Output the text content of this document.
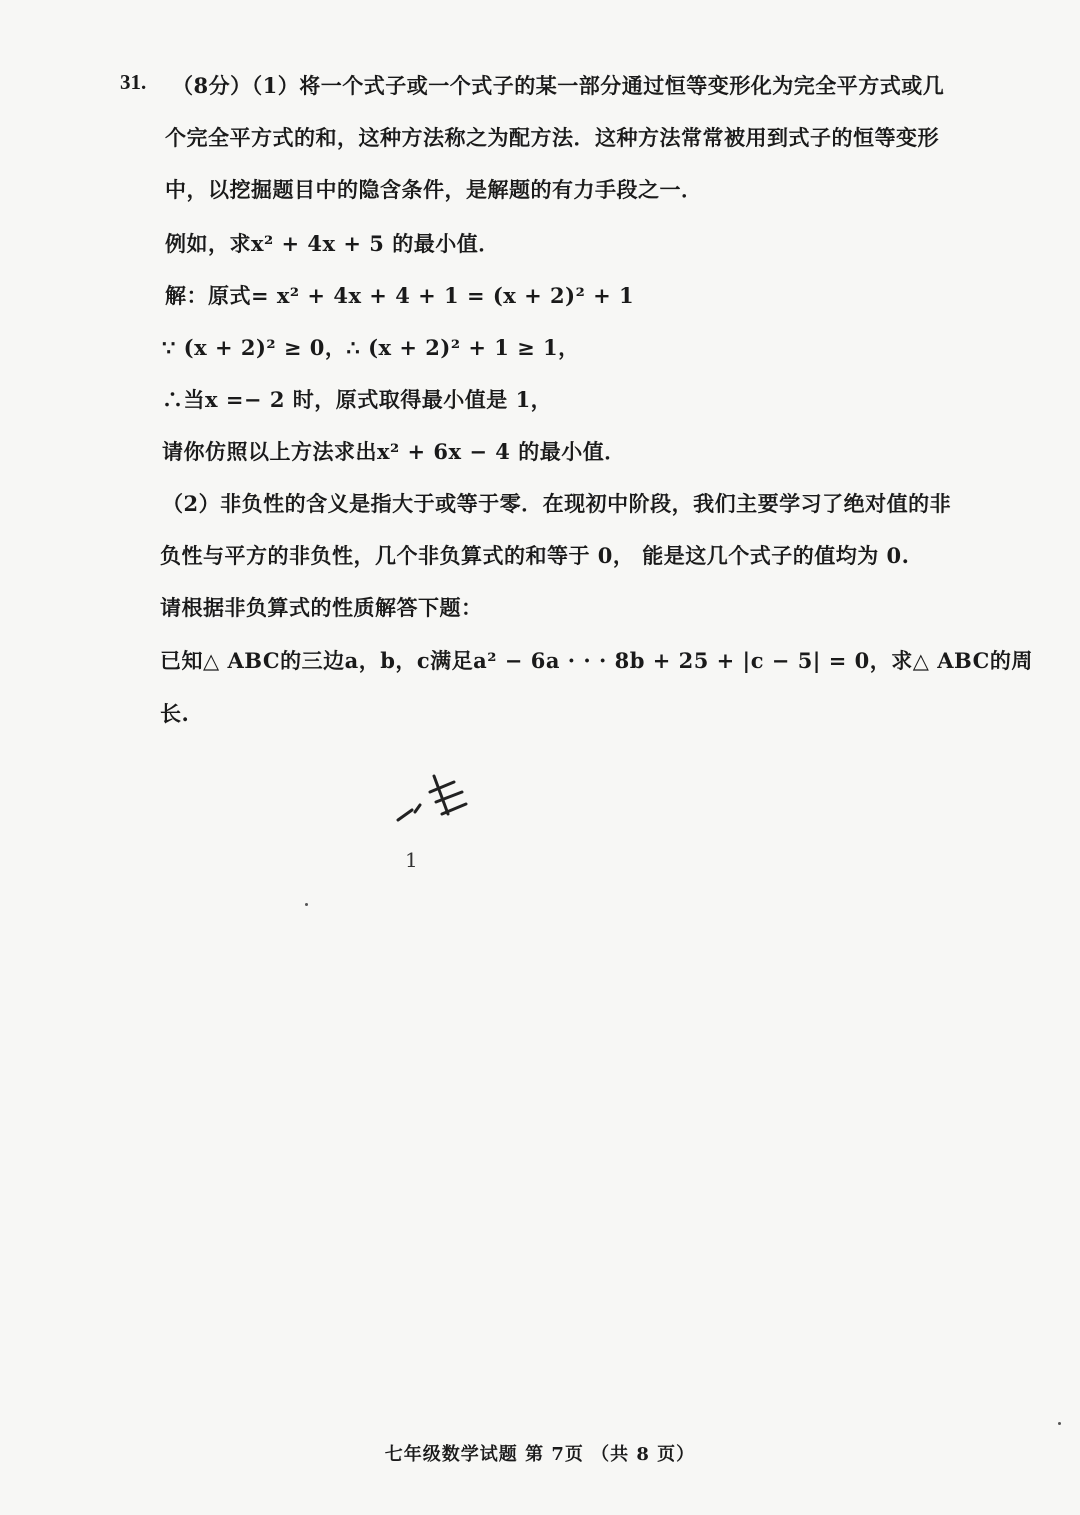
31. （8分）（1）将一个式子或一个式子的某一部分通过恒等变形化为完全平方式或几
个完全平方式的和，这种方法称之为配方法．这种方法常常被用到式子的恒等变形
中，以挖掘题目中的隐含条件，是解题的有力手段之一．
例如，求x² + 4x + 5 的最小值．
解：原式= x² + 4x + 4 + 1 = (x + 2)² + 1
∵ (x + 2)² ≥ 0，∴ (x + 2)² + 1 ≥ 1，
∴当x =− 2 时，原式取得最小值是 1，
请你仿照以上方法求出x² + 6x − 4 的最小值．
（2）非负性的含义是指大于或等于零．在现初中阶段，我们主要学习了绝对值的非
负性与平方的非负性，几个非负算式的和等于 0， 能是这几个式子的值均为 0.
请根据非负算式的性质解答下题：
已知△ ABC的三边a，b，c满足a² − 6a · · · 8b + 25 + |c − 5| = 0，求△ ABC的周
长.
1
七年级数学试题 第 7页 （共 8 页）
